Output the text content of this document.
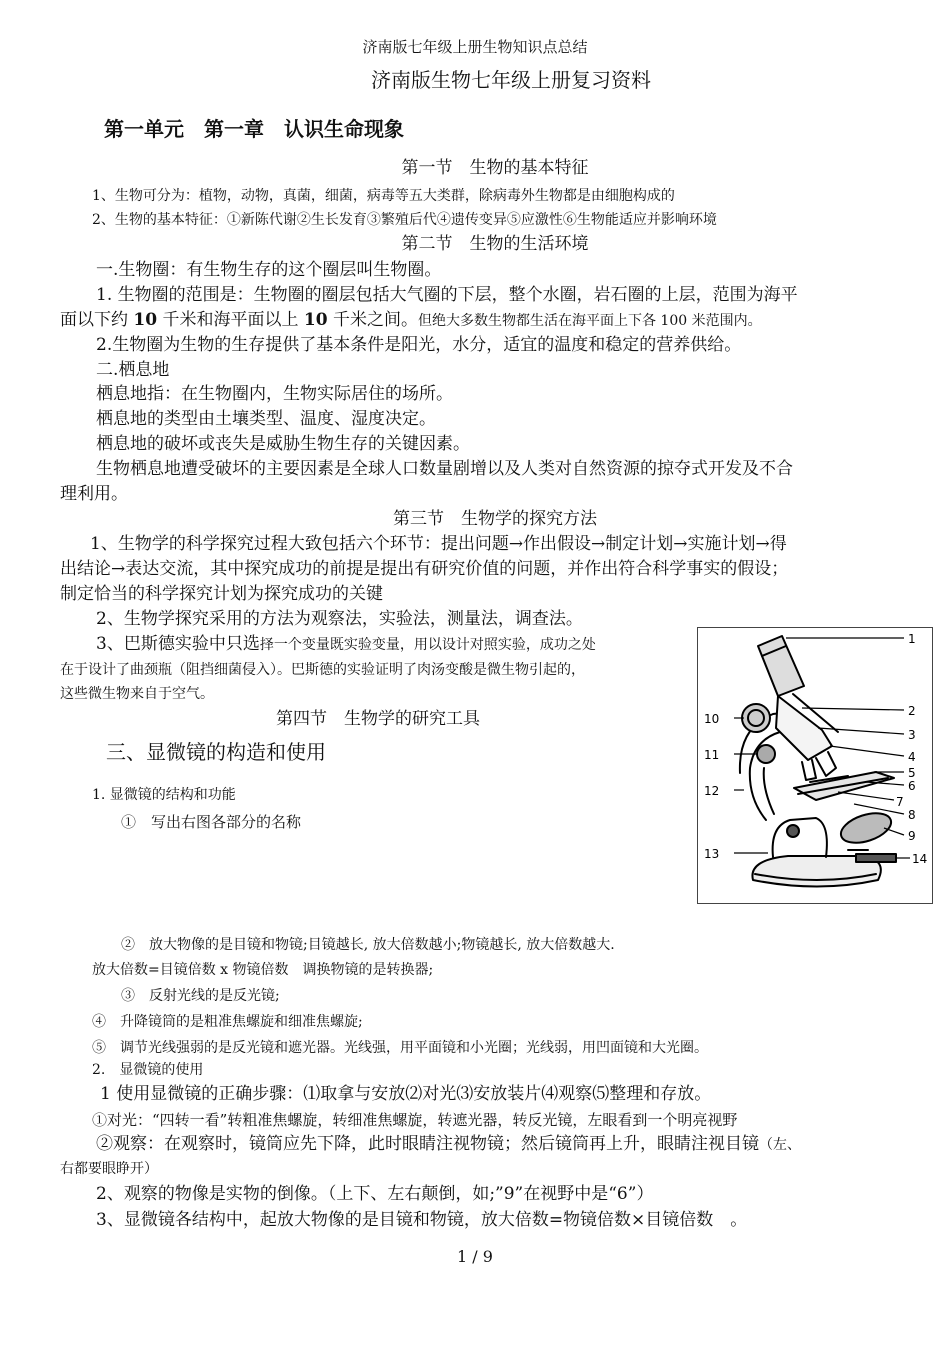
济南版七年级上册生物知识点总结
济南版生物七年级上册复习资料
第一单元　第一章　认识生命现象
第一节　生物的基本特征
1、生物可分为：植物，动物，真菌，细菌，病毒等五大类群，除病毒外生物都是由细胞构成的
2、生物的基本特征：①新陈代谢②生长发育③繁殖后代④遗传变异⑤应激性⑥生物能适应并影响环境
第二节　生物的生活环境
一.生物圈：有生物生存的这个圈层叫生物圈。
1. 生物圈的范围是：生物圈的圈层包括大气圈的下层，整个水圈，岩石圈的上层，范围为海平
面以下约 10 千米和海平面以上 10 千米之间。但绝大多数生物都生活在海平面上下各 100 米范围内。
2.生物圈为生物的生存提供了基本条件是阳光，水分，适宜的温度和稳定的营养供给。
二.栖息地
栖息地指：在生物圈内，生物实际居住的场所。
栖息地的类型由土壤类型、温度、湿度决定。
栖息地的破坏或丧失是威胁生物生存的关键因素。
生物栖息地遭受破坏的主要因素是全球人口数量剧增以及人类对自然资源的掠夺式开发及不合
理利用。
第三节　生物学的探究方法
1、生物学的科学探究过程大致包括六个环节：提出问题→作出假设→制定计划→实施计划→得
出结论→表达交流，其中探究成功的前提是提出有研究价值的问题，并作出符合科学事实的假设；
制定恰当的科学探究计划为探究成功的关键
2、生物学探究采用的方法为观察法，实验法，测量法，调查法。
3、巴斯德实验中只选择一个变量既实验变量，用以设计对照实验，成功之处
在于设计了曲颈瓶（阻挡细菌侵入）。巴斯德的实验证明了肉汤变酸是微生物引起的，
这些微生物来自于空气。
第四节　生物学的研究工具
三、显微镜的构造和使用
1. 显微镜的结构和功能
①　写出右图各部分的名称
1
2
3
4
5
6
7
8
9
10
11
12
13	14
②　放大物像的是目镜和物镜;目镜越长, 放大倍数越小;物镜越长, 放大倍数越大.
放大倍数=目镜倍数 x 物镜倍数　调换物镜的是转换器;
③　反射光线的是反光镜;
④　升降镜筒的是粗准焦螺旋和细准焦螺旋;
⑤　调节光线强弱的是反光镜和遮光器。光线强，用平面镜和小光圈；光线弱，用凹面镜和大光圈。
2.　显微镜的使用
1 使用显微镜的正确步骤：⑴取拿与安放⑵对光⑶安放装片⑷观察⑸整理和存放。
①对光：“四转一看”转粗准焦螺旋，转细准焦螺旋，转遮光器，转反光镜，左眼看到一个明亮视野
②观察：在观察时，镜筒应先下降，此时眼睛注视物镜；然后镜筒再上升，眼睛注视目镜（左、
右都要眼睁开）
2、观察的物像是实物的倒像。（上下、左右颠倒，如;”9”在视野中是“6”）
3、显微镜各结构中，起放大物像的是目镜和物镜，放大倍数=物镜倍数×目镜倍数　。
1 / 9
